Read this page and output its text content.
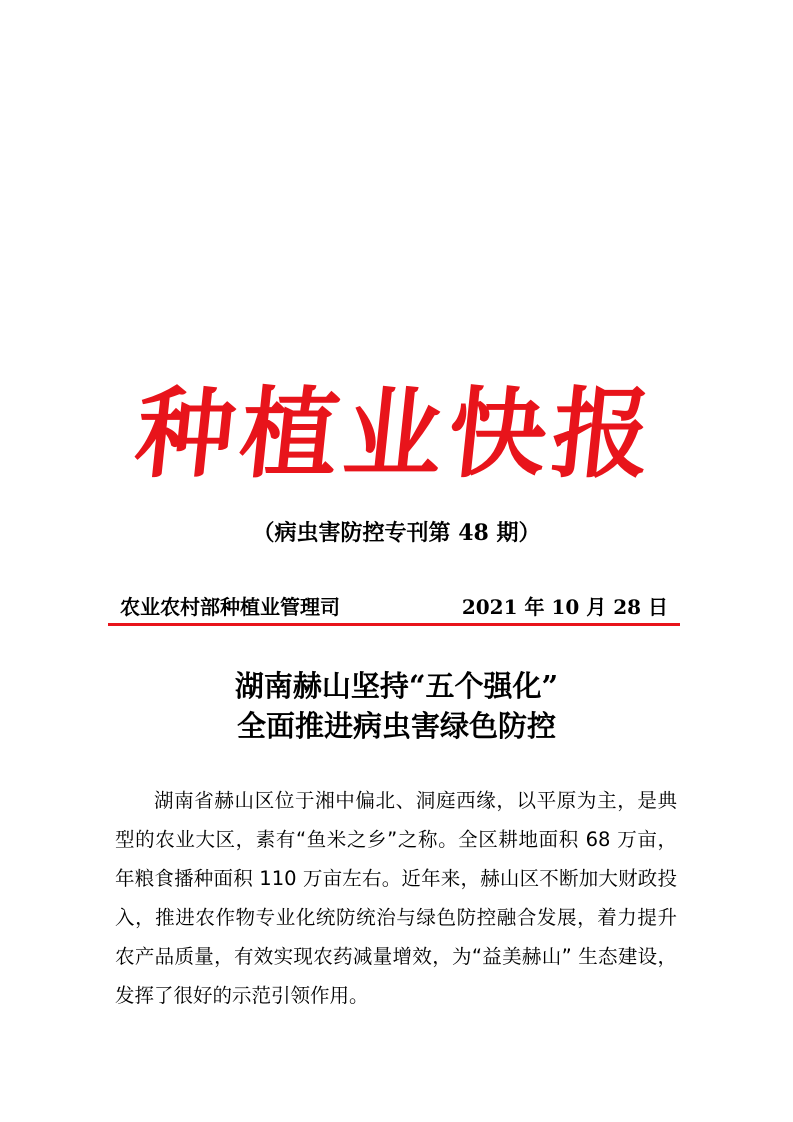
种植业快报
（病虫害防控专刊第 48 期）
农业农村部种植业管理司	2021 年 10 月 28 日
湖南赫山坚持“五个强化”
全面推进病虫害绿色防控

湖南省赫山区位于湘中偏北、洞庭西缘，以平原为主，是典型的农业大区，素有“鱼米之乡”之称。全区耕地面积 68 万亩，年粮食播种面积 110 万亩左右。近年来，赫山区不断加大财政投入，推进农作物专业化统防统治与绿色防控融合发展，着力提升农产品质量，有效实现农药减量增效，为“益美赫山” 生态建设，发挥了很好的示范引领作用。
